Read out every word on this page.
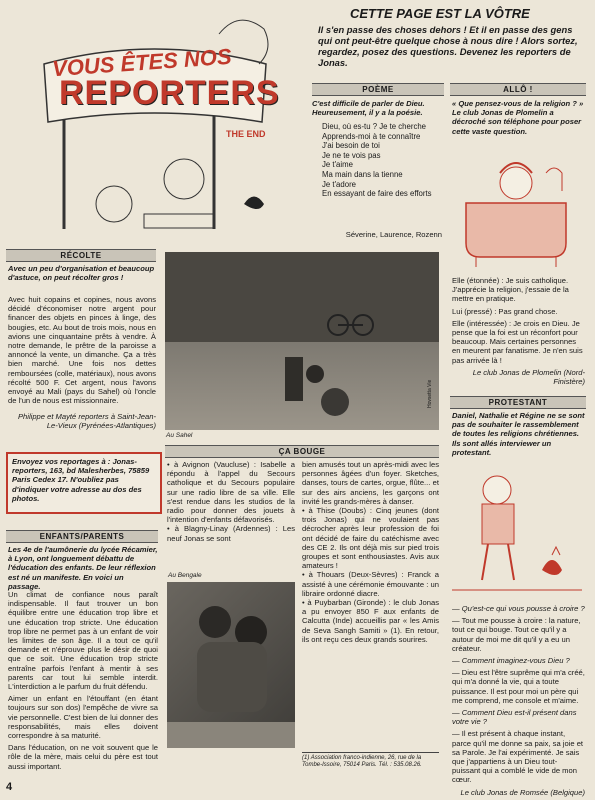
VOUS ÊTES NOS
REPORTERS
THE END
CETTE PAGE EST LA VÔTRE
Il s'en passe des choses dehors ! Et il en passe des gens qui ont peut-être quelque chose à nous dire ! Alors sortez, regardez, posez des questions. Devenez les reporters de Jonas.
POÈME
C'est difficile de parler de Dieu. Heureusement, il y a la poésie.
Dieu, où es-tu ? Je te cherche
Apprends-moi à te connaître
J'ai besoin de toi
Je ne te vois pas
Je t'aime
Ma main dans la tienne
Je t'adore
En essayant de faire des efforts
Séverine, Laurence, Rozenn
ALLÔ !
« Que pensez-vous de la religion ? » Le club Jonas de Plomelin a décroché son téléphone pour poser cette vaste question.

Elle (étonnée) : Je suis catholique. J'apprécie la religion, j'essaie de la mettre en pratique.

Lui (pressé) : Pas grand chose.

Elle (intéressée) : Je crois en Dieu. Je pense que la foi est un réconfort pour beaucoup. Mais certaines personnes en meurent par fanatisme. Je n'en suis pas arrivée là !

Le club Jonas de Plomelin (Nord-Finistère)

RÉCOLTE
Avec un peu d'organisation et beaucoup d'astuce, on peut récolter gros !
Avec huit copains et copines, nous avons décidé d'économiser notre argent pour financer des objets en pinces à linge, des bougies, etc. Au bout de trois mois, nous en avions une cinquantaine prêts à vendre. À notre demande, le prêtre de la paroisse a annoncé la vente, un dimanche. Ça a très bien marché. Une fois nos dettes remboursées (colle, matériaux), nous avons récolté 500 F. Cet argent, nous l'avons envoyé au Mali (pays du Sahel) où l'oncle de l'un de nous est missionnaire.
Philippe et Mayté reporters à Saint-Jean-Le-Vieux (Pyrénées-Atlantiques)
Hovsetta Vie
Au Sahel
Envoyez vos reportages à : Jonas-reporters, 163, bd Malesherbes, 75859 Paris Cedex 17. N'oubliez pas d'indiquer votre adresse au dos des photos.
ENFANTS/PARENTS
Les 4e de l'aumônerie du lycée Récamier, à Lyon, ont longuement débattu de l'éducation des enfants. De leur réflexion est né un manifeste. En voici un passage.

Un climat de confiance nous paraît indispensable. Il faut trouver un bon équilibre entre une éducation trop libre et une éducation trop stricte. Une éducation trop libre ne permet pas à un enfant de voir les limites de son âge. Il a tout ce qu'il demande et n'éprouve plus le désir de quoi que ce soit. Une éducation trop stricte entraîne parfois l'enfant à mentir à ses parents car tout lui semble interdit. L'interdiction a le parfum du fruit défendu.

Aimer un enfant en l'étouffant (en étant toujours sur son dos) l'empêche de vivre sa vie personnelle. C'est bien de lui donner des responsabilités, mais elles doivent correspondre à sa maturité.

Dans l'éducation, on ne voit souvent que le rôle de la mère, mais celui du père est tout aussi important.

ÇA BOUGE
• à Avignon (Vaucluse) : Isabelle a répondu à l'appel du Secours catholique et du Secours populaire sur une radio libre de sa ville. Elle s'est rendue dans les studios de la radio pour donner des jouets à l'intention d'enfants défavorisés.
• à Blagny-Linay (Ardennes) : Les neuf Jonas se sont
Au Bengale
bien amusés tout un après-midi avec les personnes âgées d'un foyer. Sketches, danses, tours de cartes, orgue, flûte... et sur des airs anciens, les garçons ont invité les grands-mères à danser.
• à Thise (Doubs) : Cinq jeunes (dont trois Jonas) qui ne voulaient pas décrocher après leur profession de foi ont décidé de faire du catéchisme avec des CE 2. Ils ont déjà mis sur pied trois groupes et sont enthousiastes. Avis aux amateurs !
• à Thouars (Deux-Sèvres) : Franck a assisté à une cérémonie émouvante : un libraire ordonné diacre.
• à Puybarban (Gironde) : le club Jonas a pu envoyer 850 F aux enfants de Calcutta (Inde) accueillis par « les Amis de Seva Sangh Samiti » (1). En retour, ils ont reçu ces deux grands sourires.
(1) Association franco-indienne, 26, rue de la Tombe-Issoire, 75014 Paris. Tél. : 535.08.26.
PROTESTANT
Daniel, Nathalie et Régine ne se sont pas de souhaiter le rassemblement de toutes les religions chrétiennes. Ils sont allés interviewer un protestant.

— Qu'est-ce qui vous pousse à croire ?

— Tout me pousse à croire : la nature, tout ce qui bouge. Tout ce qu'il y a autour de moi me dit qu'il y a eu un créateur.

— Comment imaginez-vous Dieu ?

— Dieu est l'être suprême qui m'a créé, qui m'a donné la vie, qui a toute puissance. Il est pour moi un père qui me comprend, me console et m'aime.

— Comment Dieu est-il présent dans votre vie ?

— Il est présent à chaque instant, parce qu'il me donne sa paix, sa joie et sa Parole. Je l'ai expérimenté. Je sais que j'appartiens à un Dieu tout-puissant qui a comblé le vide de mon cœur.

Le club Jonas de Romsée (Belgique)

4
